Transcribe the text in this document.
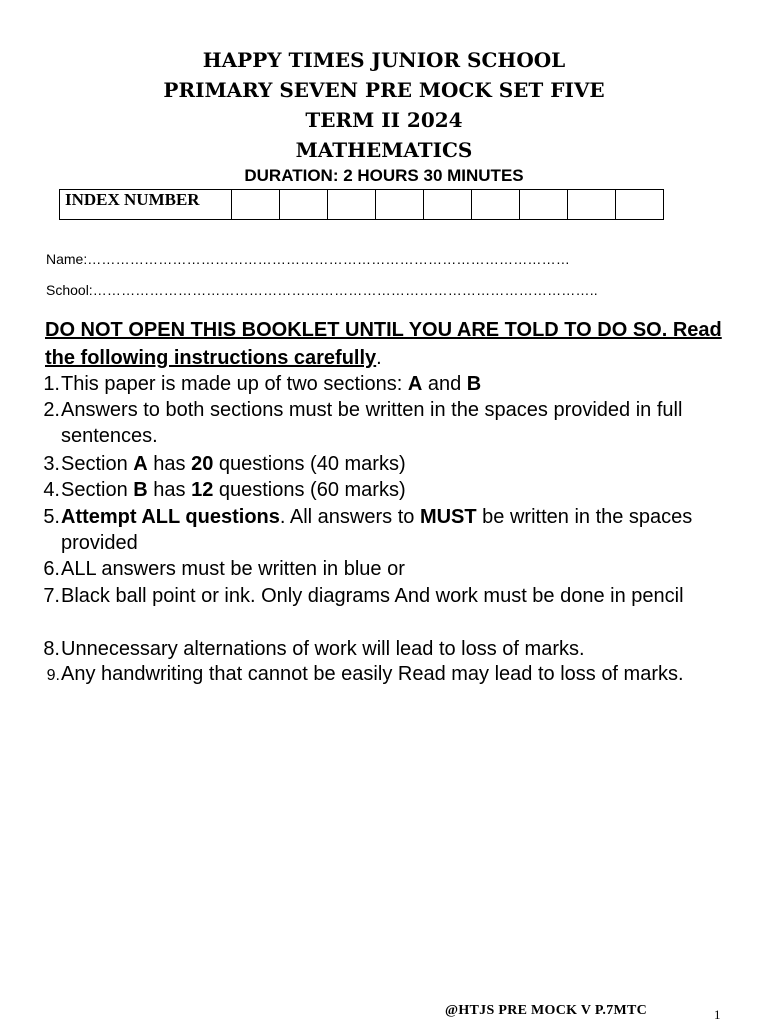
HAPPY TIMES JUNIOR SCHOOL
PRIMARY SEVEN PRE MOCK SET FIVE
TERM II 2024
MATHEMATICS
DURATION: 2 HOURS 30 MINUTES
INDEX NUMBER									
Name:…………………………………………………………………………………………
School:……………………………………………………………………………………………..
DO NOT OPEN THIS BOOKLET UNTIL YOU ARE TOLD TO DO SO. Read the following instructions carefully.
1. This paper is made up of two sections: A and B
2. Answers to both sections must be written in the spaces provided in full sentences.
3. Section A has 20 questions (40 marks)
4. Section B has 12 questions (60 marks)
5. Attempt ALL questions. All answers to MUST be written in the spaces provided
6. ALL answers must be written in blue or
7. Black ball point or ink. Only diagrams And work must be done in pencil
8. Unnecessary alternations of work will lead to loss of marks.
9. Any handwriting that cannot be easily Read may lead to loss of marks.
@HTJS PRE MOCK V P.7MTC	1
